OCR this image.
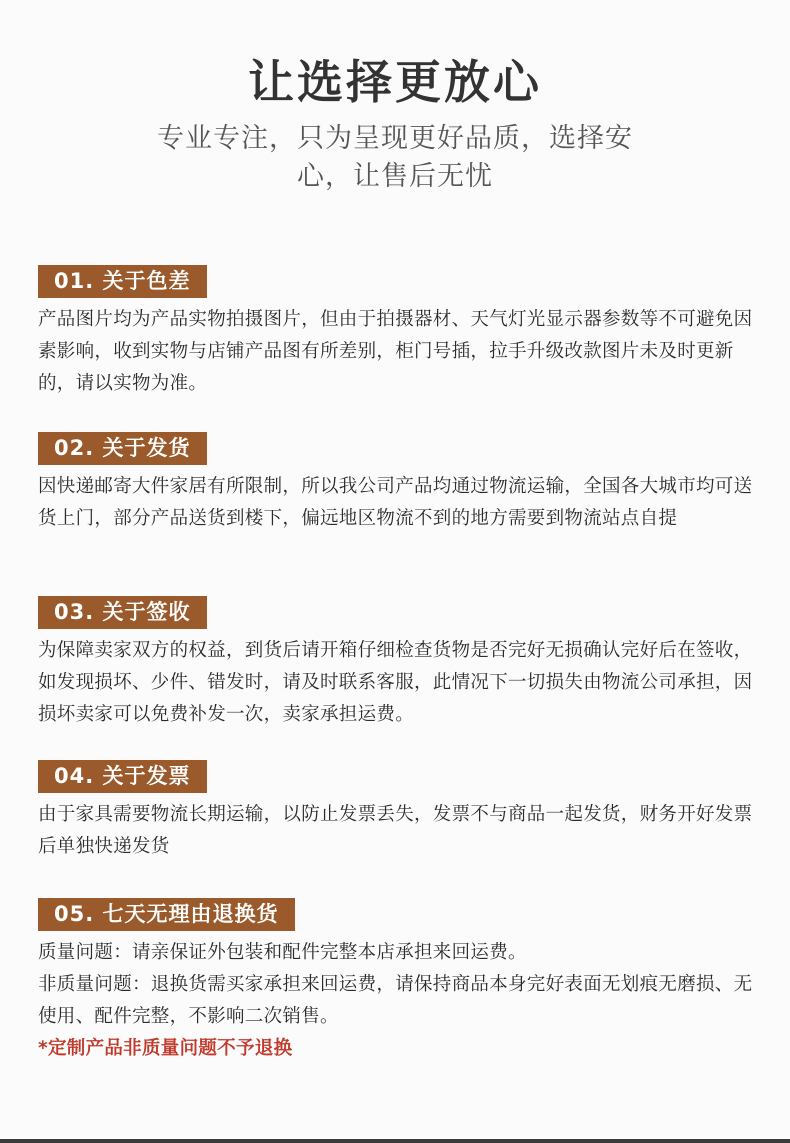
让选择更放心
专业专注，只为呈现更好品质，选择安心，让售后无忧
01. 关于色差
产品图片均为产品实物拍摄图片，但由于拍摄器材、天气灯光显示器参数等不可避免因素影响，收到实物与店铺产品图有所差别，柜门号插，拉手升级改款图片未及时更新的，请以实物为准。
02. 关于发货
因快递邮寄大件家居有所限制，所以我公司产品均通过物流运输，全国各大城市均可送货上门，部分产品送货到楼下，偏远地区物流不到的地方需要到物流站点自提
03. 关于签收
为保障卖家双方的权益，到货后请开箱仔细检查货物是否完好无损确认完好后在签收，如发现损坏、少件、错发时，请及时联系客服，此情况下一切损失由物流公司承担，因损坏卖家可以免费补发一次，卖家承担运费。
04. 关于发票
由于家具需要物流长期运输，以防止发票丢失，发票不与商品一起发货，财务开好发票后单独快递发货
05. 七天无理由退换货
质量问题：请亲保证外包装和配件完整本店承担来回运费。
非质量问题：退换货需买家承担来回运费，请保持商品本身完好表面无划痕无磨损、无使用、配件完整，不影响二次销售。
*定制产品非质量问题不予退换
